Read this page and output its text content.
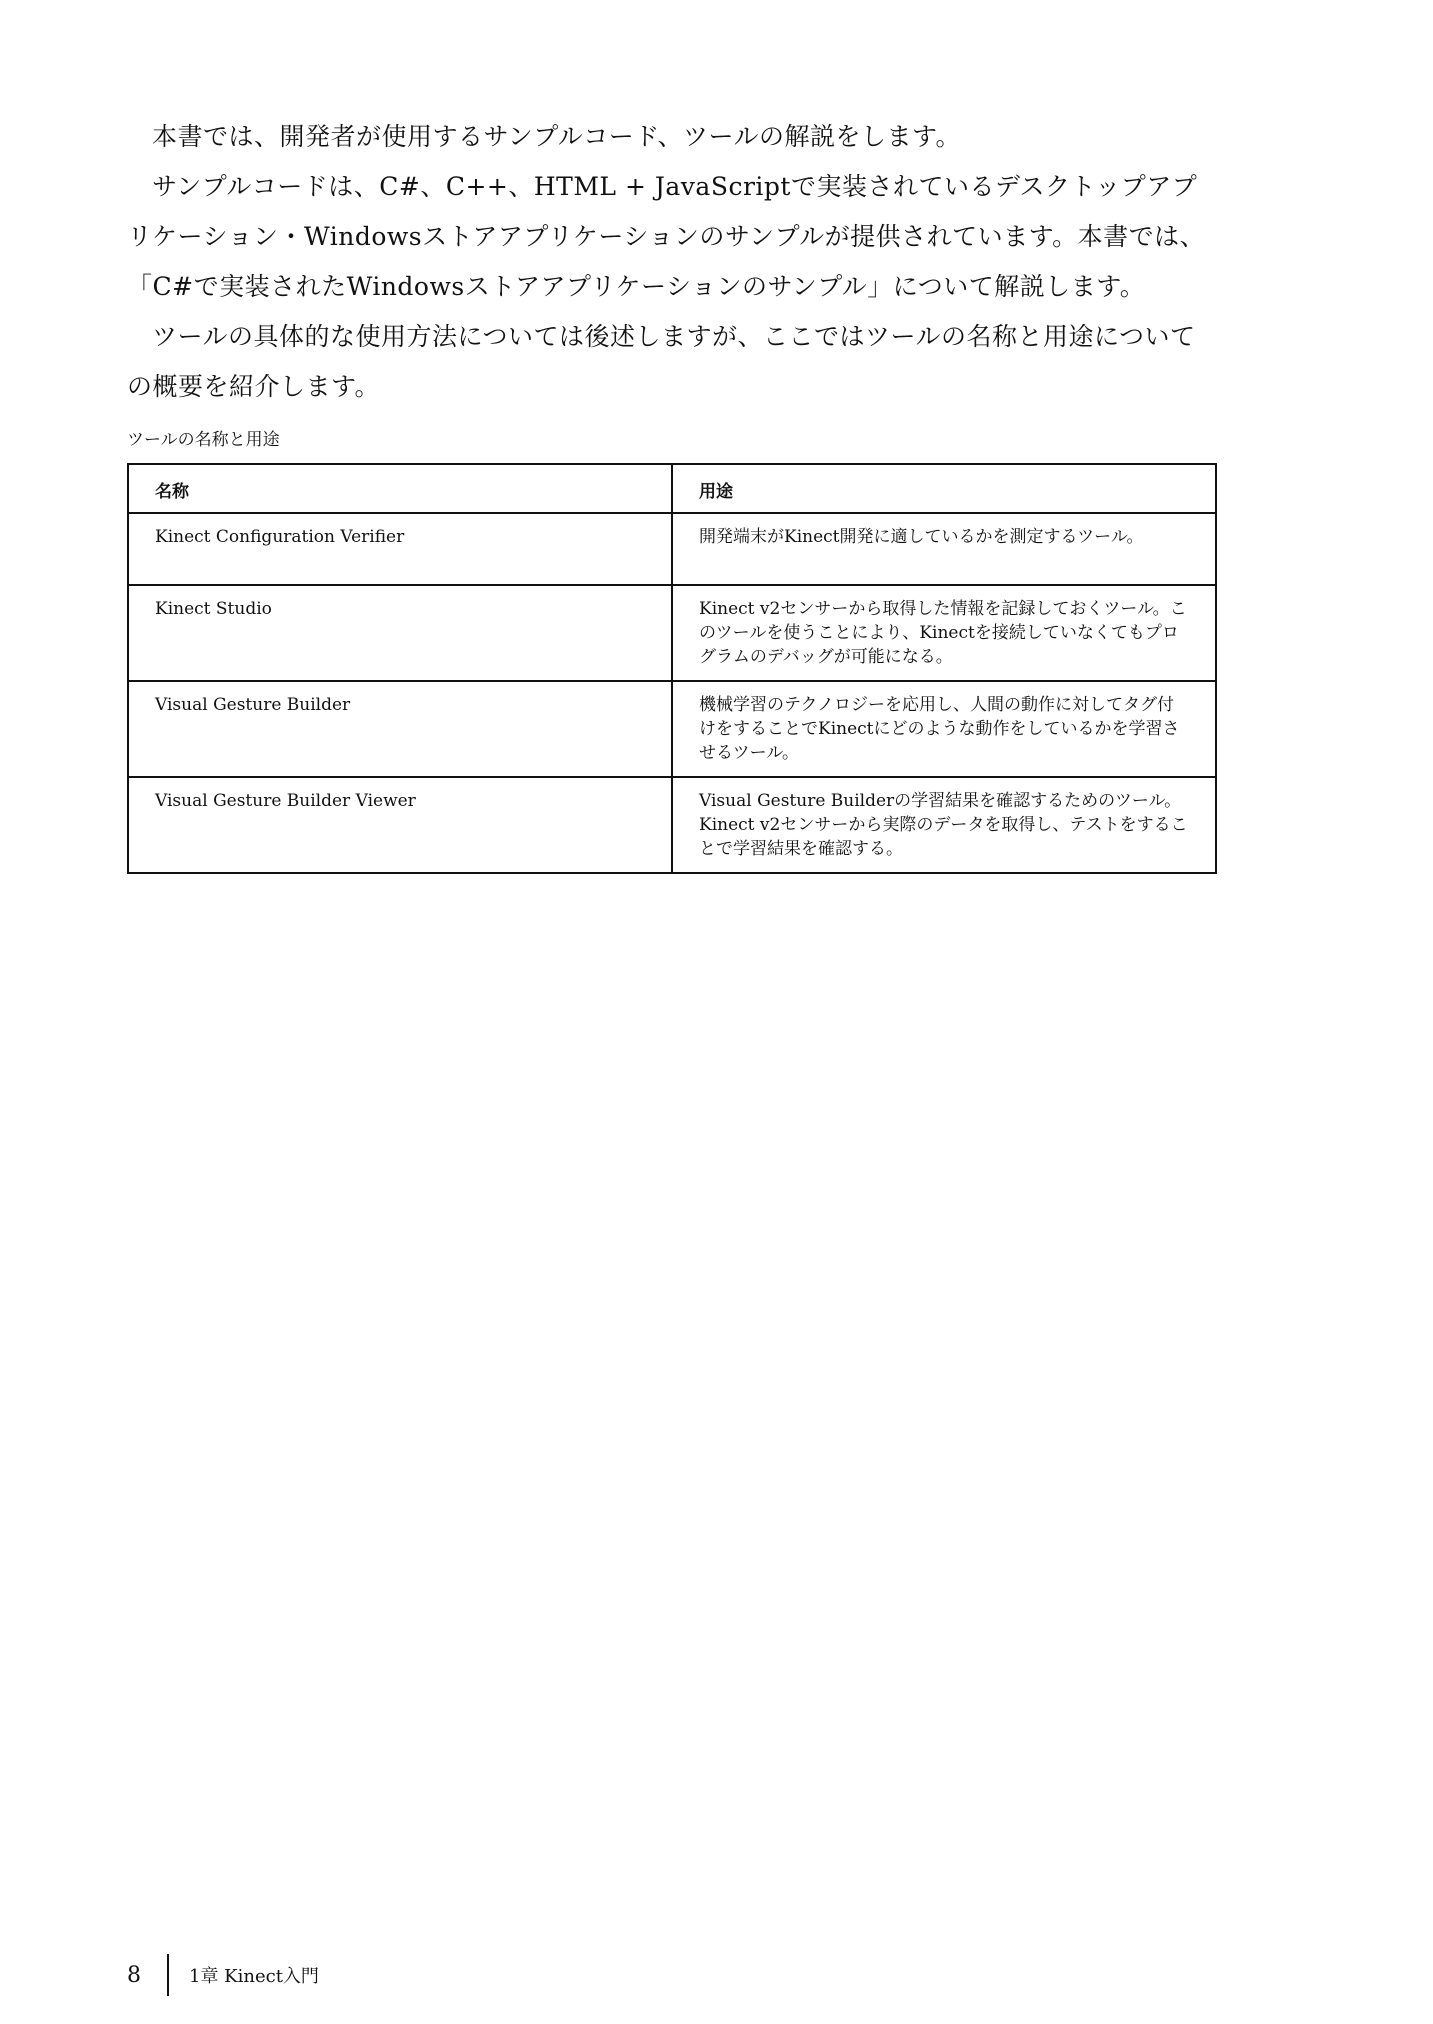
本書では、開発者が使用するサンプルコード、ツールの解説をします。

サンプルコードは、C#、C++、HTML + JavaScriptで実装されているデスクトップアプリケーション・Windowsストアアプリケーションのサンプルが提供されています。本書では、「C#で実装されたWindowsストアアプリケーションのサンプル」について解説します。

ツールの具体的な使用方法については後述しますが、ここではツールの名称と用途についての概要を紹介します。

ツールの名称と用途
名称	用途
Kinect Configuration Verifier	開発端末がKinect開発に適しているかを測定するツール。
Kinect Studio	Kinect v2センサーから取得した情報を記録しておくツール。このツールを使うことにより、Kinectを接続していなくてもプログラムのデバッグが可能になる。
Visual Gesture Builder	機械学習のテクノロジーを応用し、人間の動作に対してタグ付けをすることでKinectにどのような動作をしているかを学習させるツール。
Visual Gesture Builder Viewer	Visual Gesture Builderの学習結果を確認するためのツール。Kinect v2センサーから実際のデータを取得し、テストをすることで学習結果を確認する。
8	1章 Kinect入門
